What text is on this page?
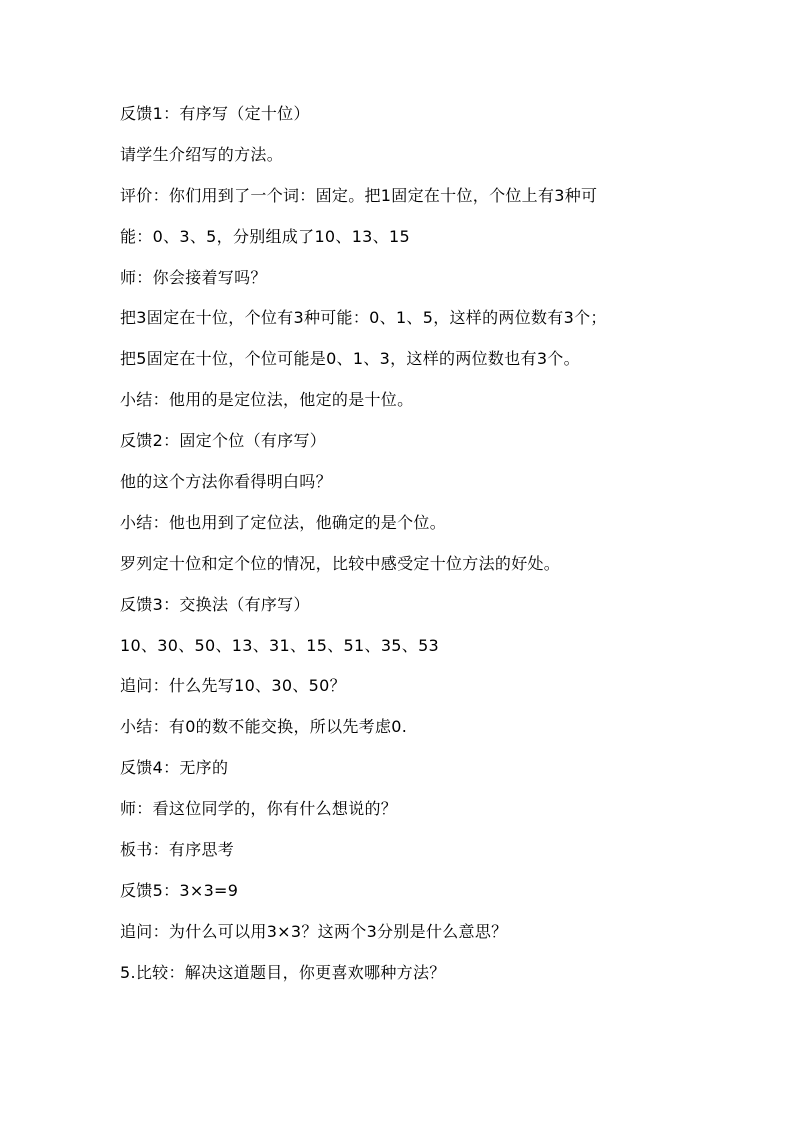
反馈1：有序写（定十位）
请学生介绍写的方法。
评价：你们用到了一个词：固定。把1固定在十位，个位上有3种可
能：0、3、5，分别组成了10、13、15
师：你会接着写吗？
把3固定在十位，个位有3种可能：0、1、5，这样的两位数有3个；
把5固定在十位，个位可能是0、1、3，这样的两位数也有3个。
小结：他用的是定位法，他定的是十位。
反馈2：固定个位（有序写）
他的这个方法你看得明白吗？
小结：他也用到了定位法，他确定的是个位。
罗列定十位和定个位的情况，比较中感受定十位方法的好处。
反馈3：交换法（有序写）
10、30、50、13、31、15、51、35、53
追问：什么先写10、30、50？
小结：有0的数不能交换，所以先考虑0.
反馈4：无序的
师：看这位同学的，你有什么想说的？
板书：有序思考
反馈5：3×3=9
追问：为什么可以用3×3？这两个3分别是什么意思？
5.比较：解决这道题目，你更喜欢哪种方法？
